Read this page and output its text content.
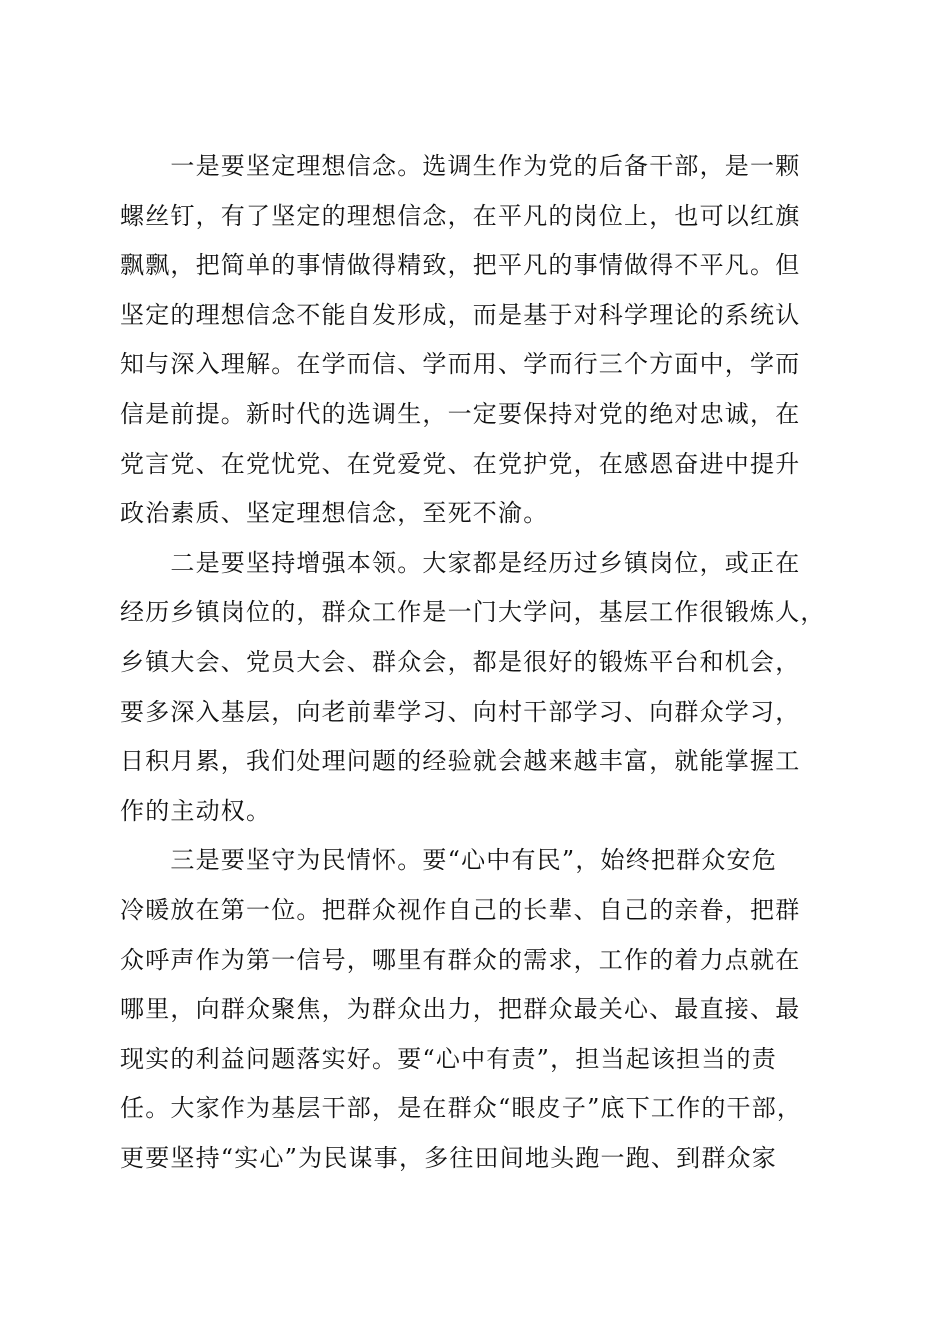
　　一是要坚定理想信念。选调生作为党的后备干部，是一颗
螺丝钉，有了坚定的理想信念，在平凡的岗位上，也可以红旗
飘飘，把简单的事情做得精致，把平凡的事情做得不平凡。但
坚定的理想信念不能自发形成，而是基于对科学理论的系统认
知与深入理解。在学而信、学而用、学而行三个方面中，学而
信是前提。新时代的选调生，一定要保持对党的绝对忠诚，在
党言党、在党忧党、在党爱党、在党护党，在感恩奋进中提升
政治素质、坚定理想信念，至死不渝。
　　二是要坚持增强本领。大家都是经历过乡镇岗位，或正在
经历乡镇岗位的，群众工作是一门大学问，基层工作很锻炼人，
乡镇大会、党员大会、群众会，都是很好的锻炼平台和机会，
要多深入基层，向老前辈学习、向村干部学习、向群众学习，
日积月累，我们处理问题的经验就会越来越丰富，就能掌握工
作的主动权。
　　三是要坚守为民情怀。要“心中有民”，始终把群众安危
冷暖放在第一位。把群众视作自己的长辈、自己的亲眷，把群
众呼声作为第一信号，哪里有群众的需求，工作的着力点就在
哪里，向群众聚焦，为群众出力，把群众最关心、最直接、最
现实的利益问题落实好。要“心中有责”，担当起该担当的责
任。大家作为基层干部，是在群众“眼皮子”底下工作的干部，
更要坚持“实心”为民谋事，多往田间地头跑一跑、到群众家
